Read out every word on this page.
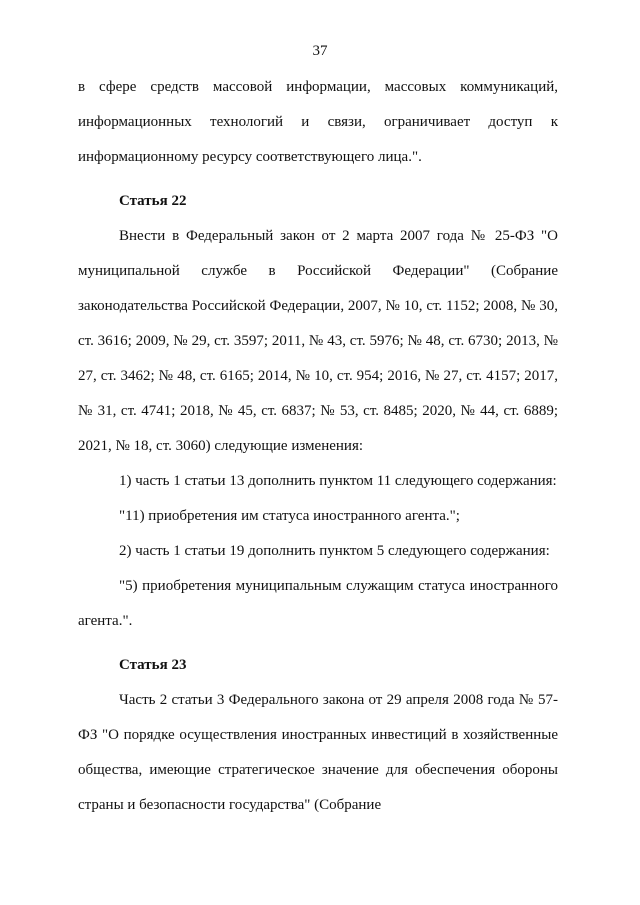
37

в сфере средств массовой информации, массовых коммуникаций, информационных технологий и связи, ограничивает доступ к информационному ресурсу соответствующего лица.".

Статья 22

Внести в Федеральный закон от 2 марта 2007 года № 25-ФЗ "О муниципальной службе в Российской Федерации" (Собрание законодательства Российской Федерации, 2007, № 10, ст. 1152; 2008, № 30, ст. 3616; 2009, № 29, ст. 3597; 2011, № 43, ст. 5976; № 48, ст. 6730; 2013, № 27, ст. 3462; № 48, ст. 6165; 2014, № 10, ст. 954; 2016, № 27, ст. 4157; 2017, № 31, ст. 4741; 2018, № 45, ст. 6837; № 53, ст. 8485; 2020, № 44, ст. 6889; 2021, № 18, ст. 3060) следующие изменения:

1) часть 1 статьи 13 дополнить пунктом 11 следующего содержания:

"11) приобретения им статуса иностранного агента.";

2) часть 1 статьи 19 дополнить пунктом 5 следующего содержания:

"5) приобретения муниципальным служащим статуса иностранного агента.".

Статья 23

Часть 2 статьи 3 Федерального закона от 29 апреля 2008 года № 57-ФЗ "О порядке осуществления иностранных инвестиций в хозяйственные общества, имеющие стратегическое значение для обеспечения обороны страны и безопасности государства" (Собрание
